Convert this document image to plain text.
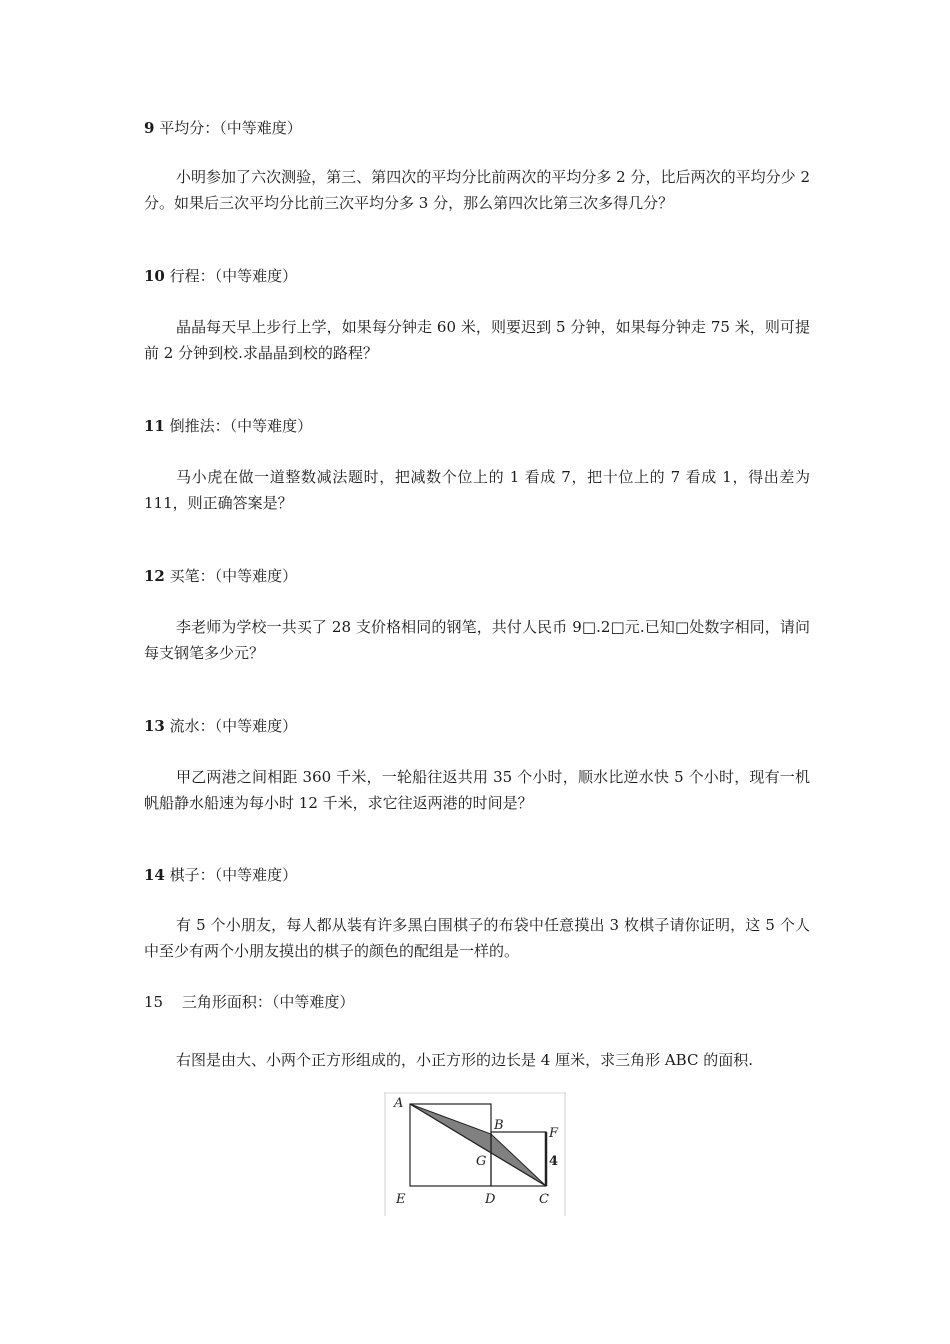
9 平均分：（中等难度）
小明参加了六次测验，第三、第四次的平均分比前两次的平均分多 2 分，比后两次的平均分少 2 分。如果后三次平均分比前三次平均分多 3 分，那么第四次比第三次多得几分？
10 行程：（中等难度）
晶晶每天早上步行上学，如果每分钟走 60 米，则要迟到 5 分钟，如果每分钟走 75 米，则可提前 2 分钟到校.求晶晶到校的路程？
11 倒推法：（中等难度）
马小虎在做一道整数减法题时，把减数个位上的 1 看成 7，把十位上的 7 看成 1，得出差为 111，则正确答案是？
12 买笔：（中等难度）
李老师为学校一共买了 28 支价格相同的钢笔，共付人民币 9□.2□元.已知□处数字相同，请问每支钢笔多少元？
13 流水：（中等难度）
甲乙两港之间相距 360 千米，一轮船往返共用 35 个小时，顺水比逆水快 5 个小时，现有一机帆船静水船速为每小时 12 千米，求它往返两港的时间是？
14 棋子：（中等难度）
有 5 个小朋友，每人都从装有许多黑白围棋子的布袋中任意摸出 3 枚棋子请你证明，这 5 个人中至少有两个小朋友摸出的棋子的颜色的配组是一样的。
15 三角形面积：（中等难度）
右图是由大、小两个正方形组成的，小正方形的边长是 4 厘米，求三角形 ABC 的面积.
A
B
F
G	4
E	D	C
